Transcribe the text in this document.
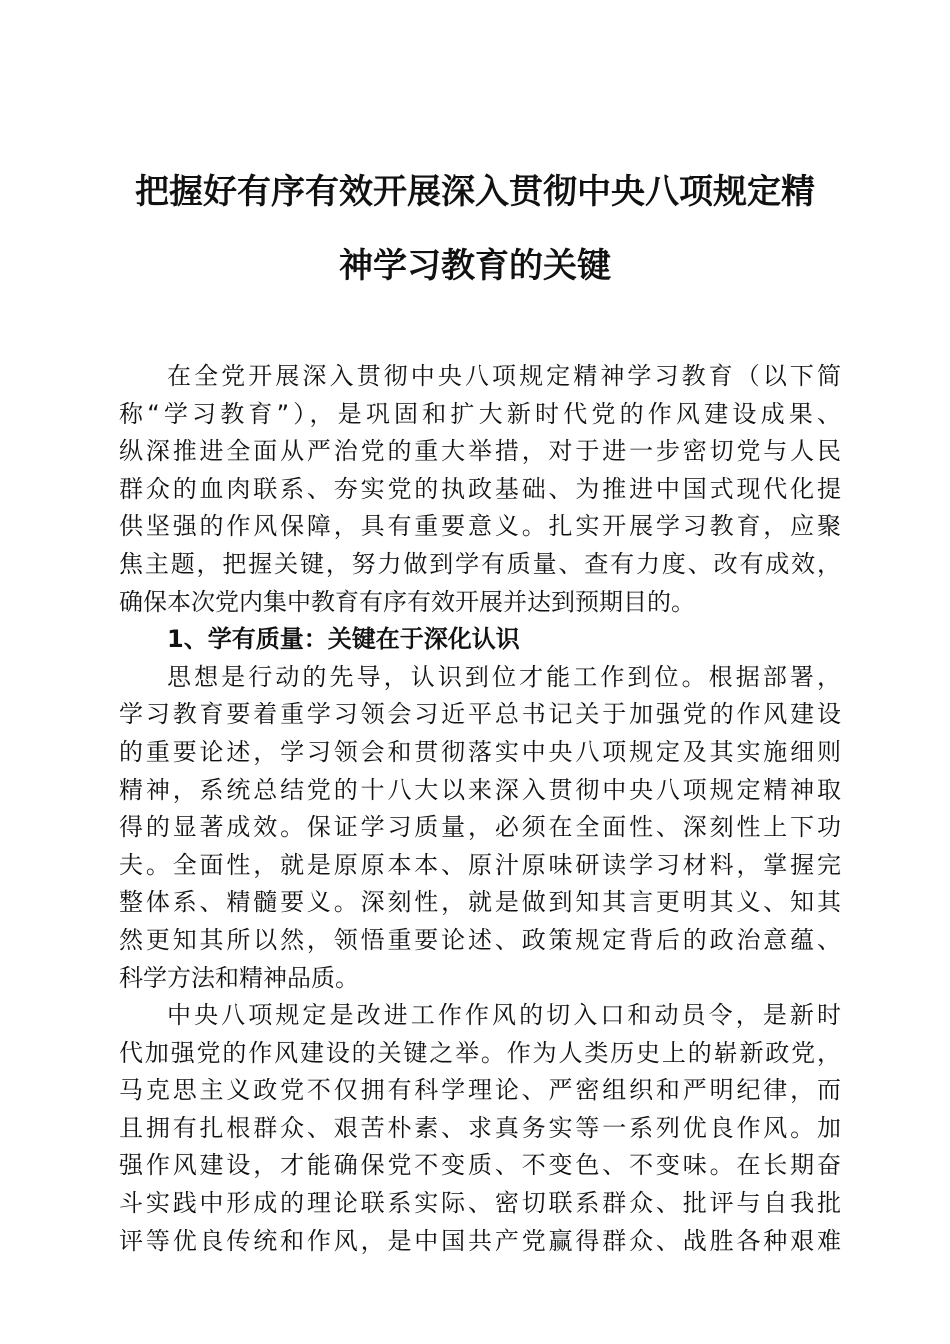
把握好有序有效开展深入贯彻中央八项规定精
神学习教育的关键
在全党开展深入贯彻中央八项规定精神学习教育（以下简
称“学习教育”），是巩固和扩大新时代党的作风建设成果、
纵深推进全面从严治党的重大举措，对于进一步密切党与人民
群众的血肉联系、夯实党的执政基础、为推进中国式现代化提
供坚强的作风保障，具有重要意义。扎实开展学习教育，应聚
焦主题，把握关键，努力做到学有质量、查有力度、改有成效，
确保本次党内集中教育有序有效开展并达到预期目的。
1、学有质量：关键在于深化认识
思想是行动的先导，认识到位才能工作到位。根据部署，
学习教育要着重学习领会习近平总书记关于加强党的作风建设
的重要论述，学习领会和贯彻落实中央八项规定及其实施细则
精神，系统总结党的十八大以来深入贯彻中央八项规定精神取
得的显著成效。保证学习质量，必须在全面性、深刻性上下功
夫。全面性，就是原原本本、原汁原味研读学习材料，掌握完
整体系、精髓要义。深刻性，就是做到知其言更明其义、知其
然更知其所以然，领悟重要论述、政策规定背后的政治意蕴、
科学方法和精神品质。
中央八项规定是改进工作作风的切入口和动员令，是新时
代加强党的作风建设的关键之举。作为人类历史上的崭新政党，
马克思主义政党不仅拥有科学理论、严密组织和严明纪律，而
且拥有扎根群众、艰苦朴素、求真务实等一系列优良作风。加
强作风建设，才能确保党不变质、不变色、不变味。在长期奋
斗实践中形成的理论联系实际、密切联系群众、批评与自我批
评等优良传统和作风，是中国共产党赢得群众、战胜各种艰难
